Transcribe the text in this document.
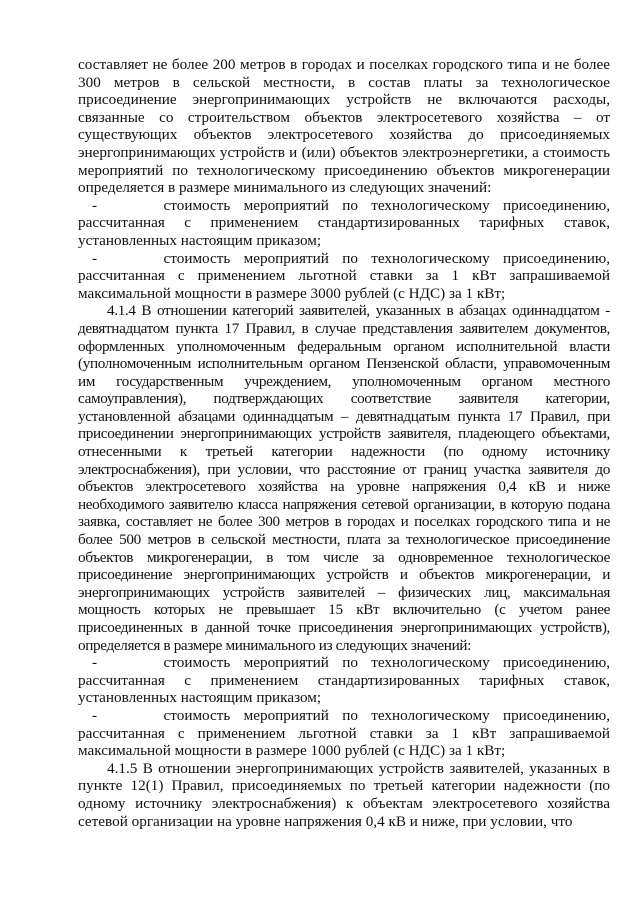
составляет не более 200 метров в городах и поселках городского типа и не более 300 метров в сельской местности, в состав платы за технологическое присоединение энергопринимающих устройств не включаются расходы, связанные со строительством объектов электросетевого хозяйства – от существующих объектов электросетевого хозяйства до присоединяемых энергопринимающих устройств и (или) объектов электроэнергетики, а стоимость мероприятий по технологическому присоединению объектов микрогенерации определяется в размере минимального из следующих значений:

-     стоимость мероприятий по технологическому присоединению, рассчитанная с применением стандартизированных тарифных ставок, установленных настоящим приказом;

-     стоимость мероприятий по технологическому присоединению, рассчитанная с применением льготной ставки за 1 кВт запрашиваемой максимальной мощности в размере 3000 рублей (с НДС) за 1 кВт;

4.1.4 В отношении категорий заявителей, указанных в абзацах одиннадцатом - девятнадцатом пункта 17 Правил, в случае представления заявителем документов, оформленных уполномоченным федеральным органом исполнительной власти (уполномоченным исполнительным органом Пензенской области, управомоченным им государственным учреждением, уполномоченным органом местного самоуправления), подтверждающих соответствие заявителя категории, установленной абзацами одиннадцатым – девятнадцатым пункта 17 Правил, при присоединении энергопринимающих устройств заявителя, пладеющего объектами, отнесенными к третьей категории надежности (по одному источнику электроснабжения), при условии, что расстояние от границ участка заявителя до объектов электросетевого хозяйства на уровне напряжения 0,4 кВ и ниже необходимого заявителю класса напряжения сетевой организации, в которую подана заявка, составляет не более 300 метров в городах и поселках городского типа и не более 500 метров в сельской местности, плата за технологическое присоединение объектов микрогенерации, в том числе за одновременное технологическое присоединение энергопринимающих устройств и объектов микрогенерации, и энергопринимающих устройств заявителей – физических лиц, максимальная мощность которых не превышает 15 кВт включительно (с учетом ранее присоединенных в данной точке присоединения энергопринимающих устройств), определяется в размере минимального из следующих значений:

-     стоимость мероприятий по технологическому присоединению, рассчитанная с применением стандартизированных тарифных ставок, установленных настоящим приказом;

-     стоимость мероприятий по технологическому присоединению, рассчитанная с применением льготной ставки за 1 кВт запрашиваемой максимальной мощности в размере 1000 рублей (с НДС) за 1 кВт;

4.1.5 В отношении энергопринимающих устройств заявителей, указанных в пункте 12(1) Правил, присоединяемых по третьей категории надежности (по одному источнику электроснабжения) к объектам электросетевого хозяйства сетевой организации на уровне напряжения 0,4 кВ и ниже, при условии, что
